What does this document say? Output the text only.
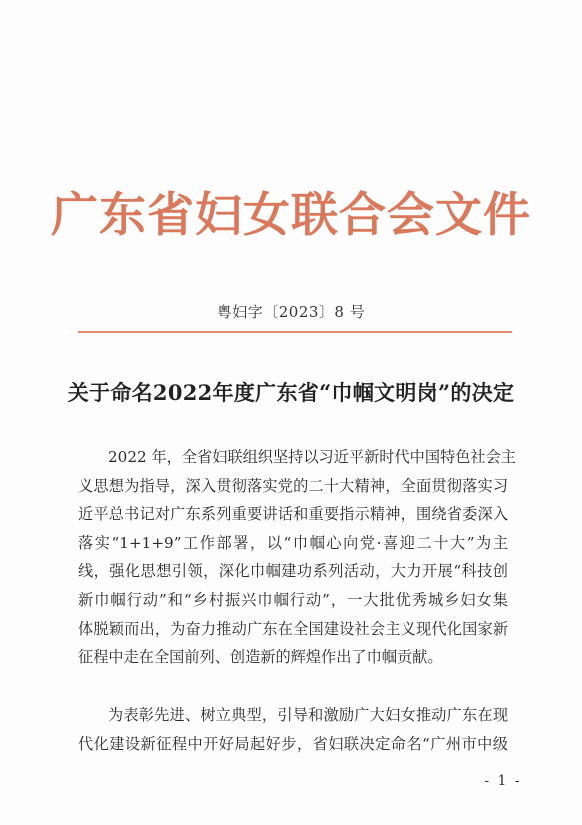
广东省妇女联合会文件
粤妇字〔2023〕8 号
关于命名2022年度广东省“巾帼文明岗”的决定
2022 年，全省妇联组织坚持以习近平新时代中国特色社会主
义思想为指导，深入贯彻落实党的二十大精神，全面贯彻落实习
近平总书记对广东系列重要讲话和重要指示精神，围绕省委深入
落实“1+1+9”工作部署，以“巾帼心向党·喜迎二十大”为主
线，强化思想引领，深化巾帼建功系列活动，大力开展“科技创
新巾帼行动”和“乡村振兴巾帼行动”，一大批优秀城乡妇女集
体脱颖而出，为奋力推动广东在全国建设社会主义现代化国家新
征程中走在全国前列、创造新的辉煌作出了巾帼贡献。
为表彰先进、树立典型，引导和激励广大妇女推动广东在现
代化建设新征程中开好局起好步，省妇联决定命名“广州市中级
- 1 -
